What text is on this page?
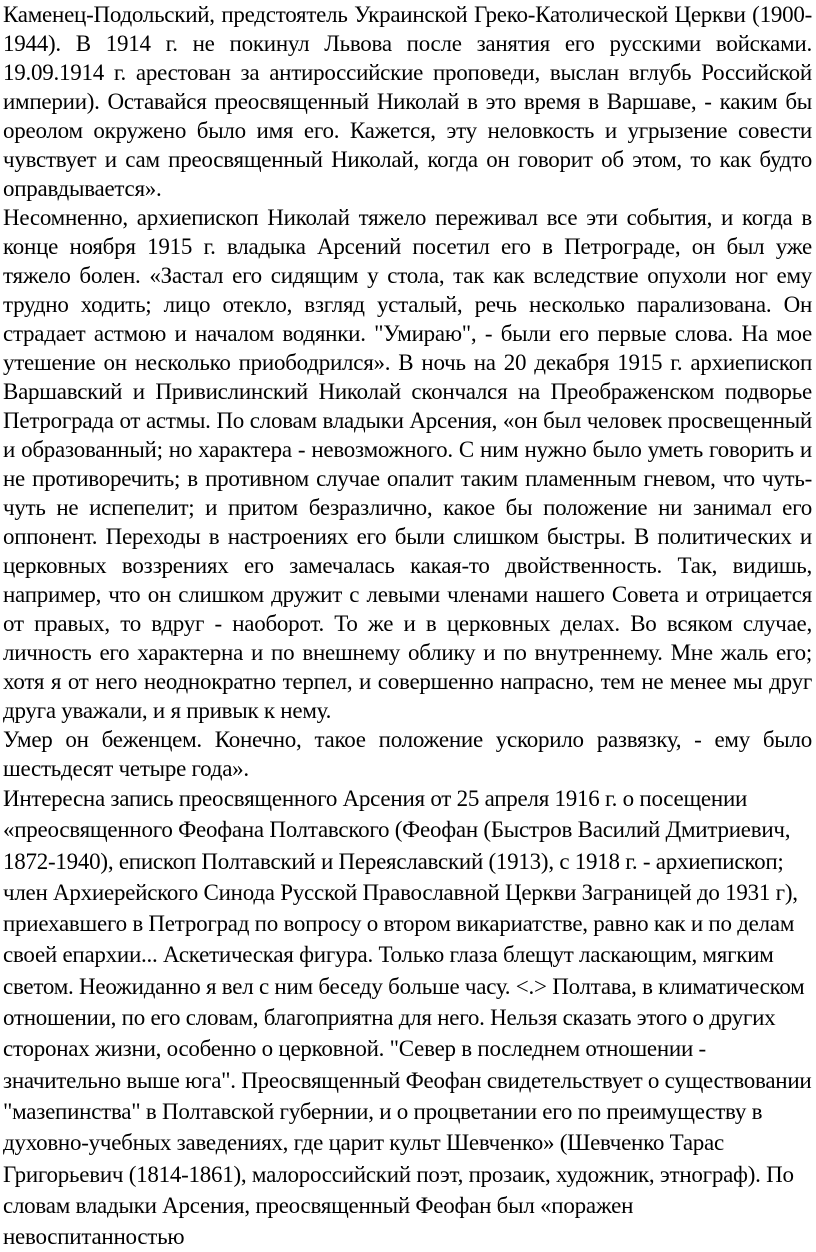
Каменец-Подольский, предстоятель Украинской Греко-Католической Церкви (1900-1944). В 1914 г. не покинул Львова после занятия его русскими войсками. 19.09.1914 г. арестован за антироссийские проповеди, выслан вглубь Российской империи). Оставайся преосвященный Николай в это время в Варшаве, - каким бы ореолом окружено было имя его. Кажется, эту неловкость и угрызение совести чувствует и сам преосвященный Николай, когда он говорит об этом, то как будто оправдывается».

Несомненно, архиепископ Николай тяжело переживал все эти события, и когда в конце ноября 1915 г. владыка Арсений посетил его в Петрограде, он был уже тяжело болен. «Застал его сидящим у стола, так как вследствие опухоли ног ему трудно ходить; лицо отекло, взгляд усталый, речь несколько парализована. Он страдает астмою и началом водянки. "Умираю", - были его первые слова. На мое утешение он несколько приободрился». В ночь на 20 декабря 1915 г. архиепископ Варшавский и Привислинский Николай скончался на Преображенском подворье Петрограда от астмы. По словам владыки Арсения, «он был человек просвещенный и образованный; но характера - невозможного. С ним нужно было уметь говорить и не противоречить; в противном случае опалит таким пламенным гневом, что чуть-чуть не испепелит; и притом безразлично, какое бы положение ни занимал его оппонент. Переходы в настроениях его были слишком быстры. В политических и церковных воззрениях его замечалась какая-то двойственность. Так, видишь, например, что он слишком дружит с левыми членами нашего Совета и отрицается от правых, то вдруг - наоборот. То же и в церковных делах. Во всяком случае, личность его характерна и по внешнему облику и по внутреннему. Мне жаль его; хотя я от него неоднократно терпел, и совершенно напрасно, тем не менее мы друг друга уважали, и я привык к нему.

Умер он беженцем. Конечно, такое положение ускорило развязку, - ему было шестьдесят четыре года».

Интересна запись преосвященного Арсения от 25 апреля 1916 г. о посещении «преосвященного Феофана Полтавского (Феофан (Быстров Василий Дмитриевич, 1872-1940), епископ Полтавский и Переяславский (1913), с 1918 г. - архиепископ; член Архиерейского Синода Русской Православной Церкви Заграницей до 1931 г), приехавшего в Петроград по вопросу о втором викариатстве, равно как и по делам своей епархии... Аскетическая фигура. Только глаза блещут ласкающим, мягким светом. Неожиданно я вел с ним беседу больше часу. <.> Полтава, в климатическом отношении, по его словам, благоприятна для него. Нельзя сказать этого о других сторонах жизни, особенно о церковной. "Север в последнем отношении - значительно выше юга". Преосвященный Феофан свидетельствует о существовании "мазепинства" в Полтавской губернии, и о процветании его по преимуществу в духовно-учебных заведениях, где царит культ Шевченко» (Шевченко Тарас Григорьевич (1814-1861), малороссийский поэт, прозаик, художник, этнограф). По словам владыки Арсения, преосвященный Феофан был «поражен невоспитанностью
